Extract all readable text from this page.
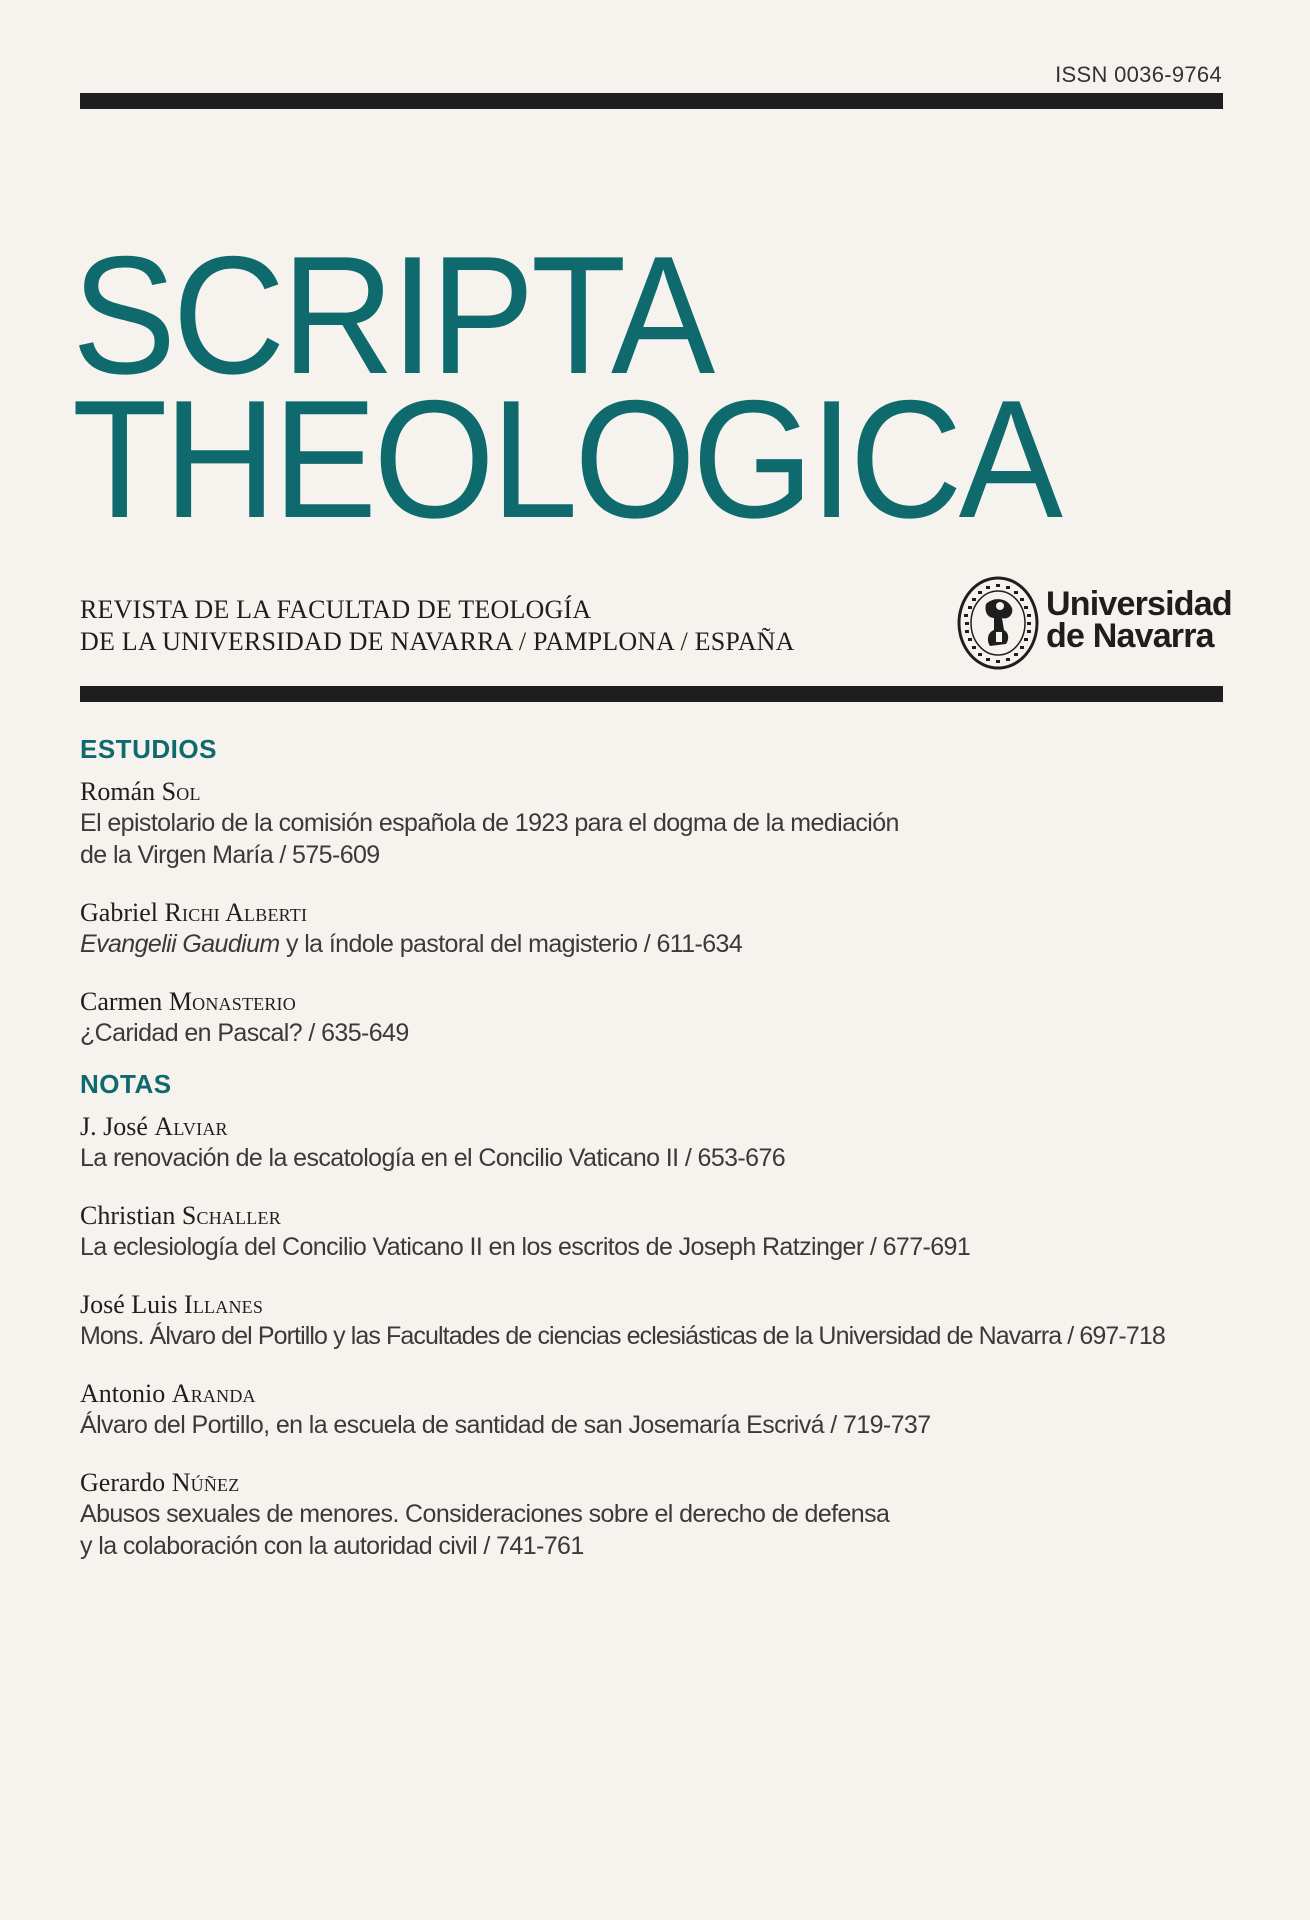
ISSN 0036-9764
SCRIPTA
THEOLOGICA
REVISTA DE LA FACULTAD DE TEOLOGÍA
DE LA UNIVERSIDAD DE NAVARRA / PAMPLONA / ESPAÑA
Universidad
de Navarra
ESTUDIOS
Román Sol
El epistolario de la comisión española de 1923 para el dogma de la mediación
de la Virgen María / 575-609
Gabriel Richi Alberti
Evangelii Gaudium y la índole pastoral del magisterio / 611-634
Carmen Monasterio
¿Caridad en Pascal? / 635-649
NOTAS
J. José Alviar
La renovación de la escatología en el Concilio Vaticano II / 653-676
Christian Schaller
La eclesiología del Concilio Vaticano II en los escritos de Joseph Ratzinger / 677-691
José Luis Illanes
Mons. Álvaro del Portillo y las Facultades de ciencias eclesiásticas de la Universidad de Navarra / 697-718
Antonio Aranda
Álvaro del Portillo, en la escuela de santidad de san Josemaría Escrivá / 719-737
Gerardo Núñez
Abusos sexuales de menores. Consideraciones sobre el derecho de defensa
y la colaboración con la autoridad civil / 741-761
